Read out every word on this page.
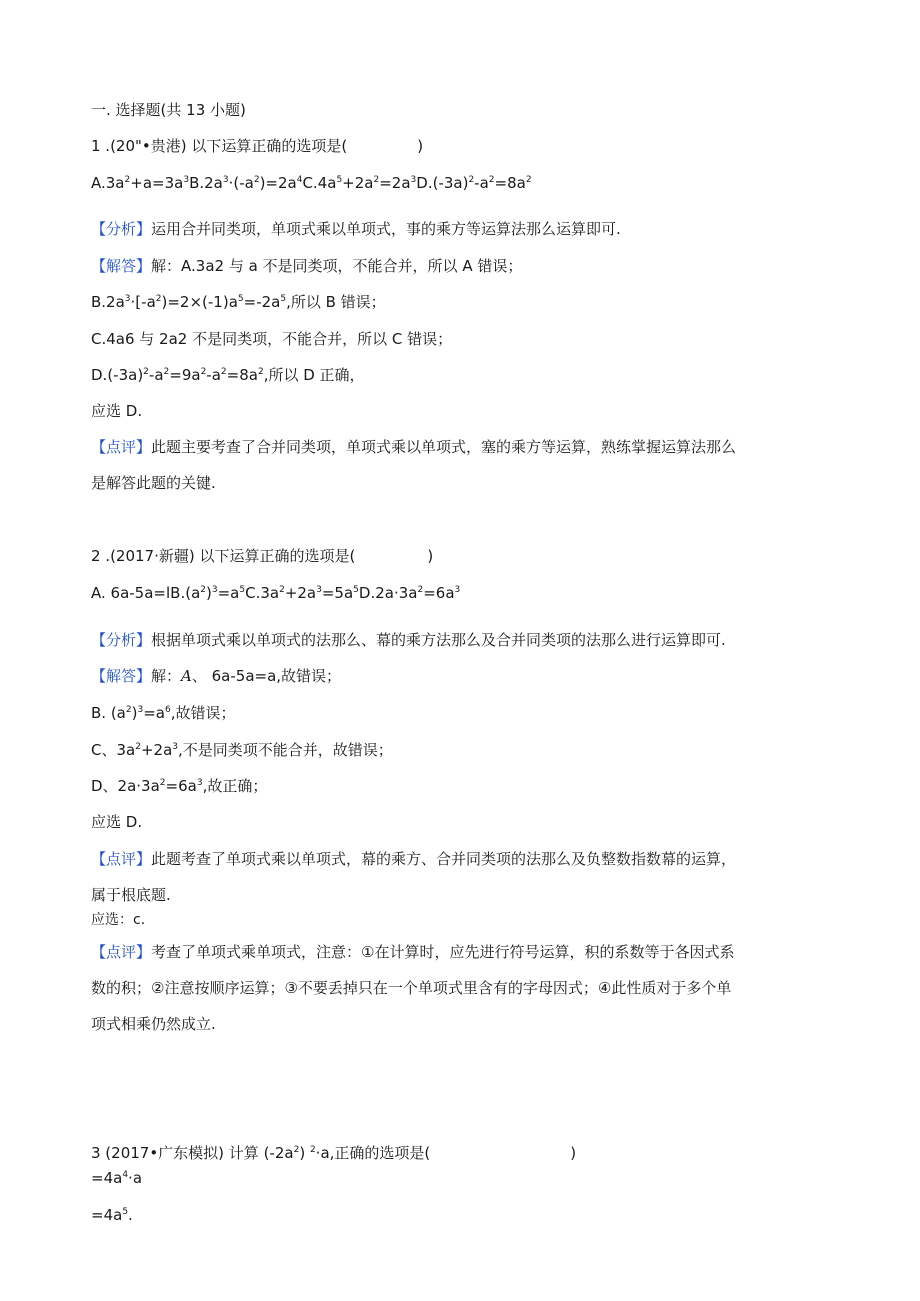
一. 选择题(共 13 小题)
1 .(20"•贵港) 以下运算正确的选项是(	)
$A.3a^2+a=3a^3B.2a^3\cdot(-a^2)=2a^4C.4a^5+2a^2=2a^3D.(-3a)^2-a^2=8a^2$
【分析】运用合并同类项，单项式乘以单项式，事的乘方等运算法那么运算即可.
【解答】解：A.3a2 与 a 不是同类项，不能合并，所以 A 错误；
$B.2a^3\cdot[-a^2)=2\times(-1)a^5=-2a^5$,所以 B 错误；
C.4a6 与 2a2 不是同类项，不能合并，所以 C 错误；
$D.(-3a)^2-a^2=9a^2-a^2=8a^2$,所以 D 正确，
应选 D.
【点评】此题主要考查了合并同类项，单项式乘以单项式，塞的乘方等运算，熟练掌握运算法那么
是解答此题的关键.
2 .(2017·新疆) 以下运算正确的选项是(	)
A. $6a-5a=lB.(a^2)^3=a^5C.3a^2+2a^3=5a^5D.2a\cdot 3a^2=6a^3$
【分析】根据单项式乘以单项式的法那么、幕的乘方法那么及合并同类项的法那么进行运算即可.
【解答】解：A、 6a-5a=a,故错误；
B. $(a^2)^3=a^6$,故错误；
C、$3a^2+2a^3$,不是同类项不能合并，故错误；
D、$2a\cdot 3a^2=6a^3$,故正确；
应选 D.
【点评】此题考查了单项式乘以单项式，幕的乘方、合并同类项的法那么及负整数指数幕的运算，
属于根底题.
应选：c.
【点评】考查了单项式乘单项式，注意：①在计算时，应先进行符号运算，积的系数等于各因式系
数的积；②注意按顺序运算；③不要丢掉只在一个单项式里含有的字母因式；④此性质对于多个单
项式相乘仍然成立.
3 (2017•广东模拟) 计算 $(-2a^2)$ $^2$·a,正确的选项是(	)
$=4a^4\cdot a$
$=4a^5$.
